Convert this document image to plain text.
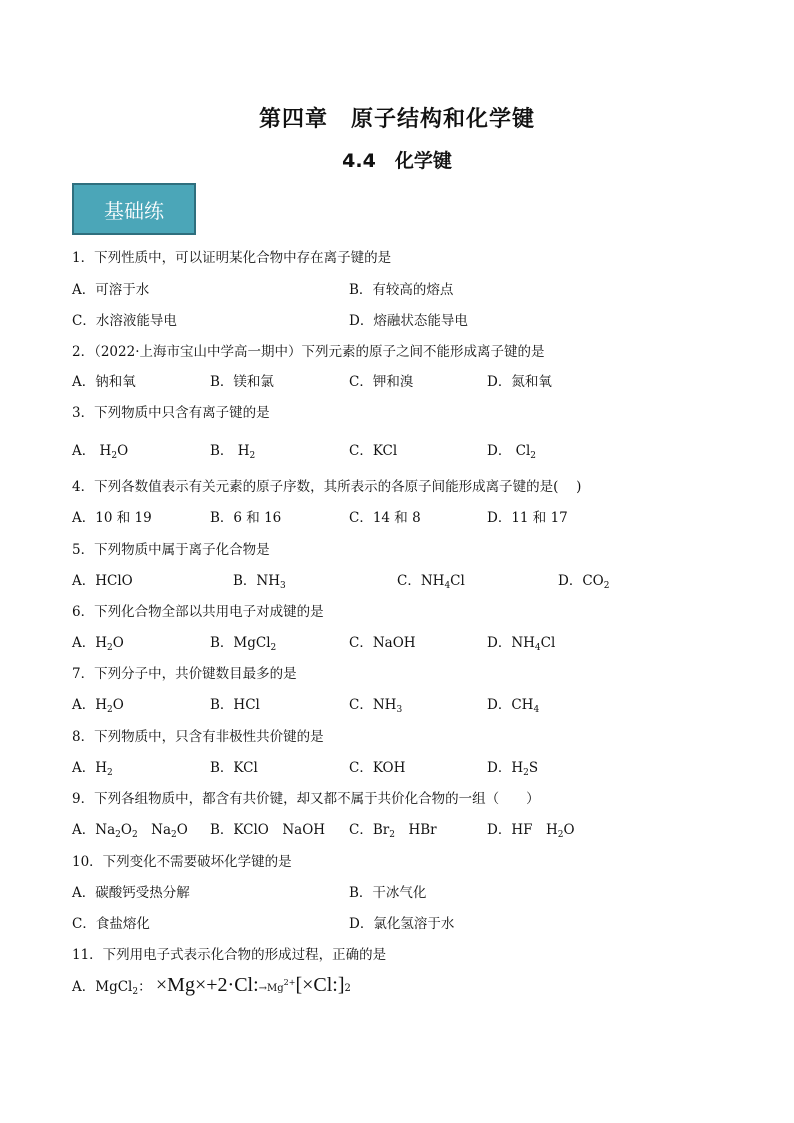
第四章　原子结构和化学键
4.4　化学键
基础练
1．下列性质中，可以证明某化合物中存在离子键的是
A．可溶于水	B．有较高的熔点
C．水溶液能导电	D．熔融状态能导电
2．（2022·上海市宝山中学高一期中）下列元素的原子之间不能形成离子键的是
A．钠和氧	B．镁和氯	C．钾和溴	D．氮和氧
3．下列物质中只含有离子键的是
A． $H_2O$	B． $H_2$	C．KCl	D． $Cl_2$
4．下列各数值表示有关元素的原子序数，其所表示的各原子间能形成离子键的是(　 )
A．10 和 19	B．6 和 16	C．14 和 8	D．11 和 17
5．下列物质中属于离子化合物是
A．HClO	B．$NH_3$	C．$NH_4Cl$	D．$CO_2$
6．下列化合物全部以共用电子对成键的是
A．$H_2O$	B．MgCl$_2$	C．NaOH	D．$NH_4Cl$
7．下列分子中，共价键数目最多的是
A．$H_2O$	B．HCl	C．$NH_3$	D．$CH_4$
8．下列物质中，只含有非极性共价键的是
A．$H_2$	B．KCl	C．KOH	D．$H_2S$
9．下列各组物质中，都含有共价键，却又都不属于共价化合物的一组（　　）
A．$Na_2O_2$　$Na_2O$ B．KClO　NaOH C．$Br_2$　HBr	D．HF　$H_2O$
10．下列变化不需要破坏化学键的是
A．碳酸钙受热分解	B．干冰气化
C．食盐熔化	D．氯化氢溶于水
11．下列用电子式表示化合物的形成过程，正确的是
A．MgCl$_2$： $\times Mg\times+2\cdot Cl:\to Mg^{2+}[\times Cl:]2$
